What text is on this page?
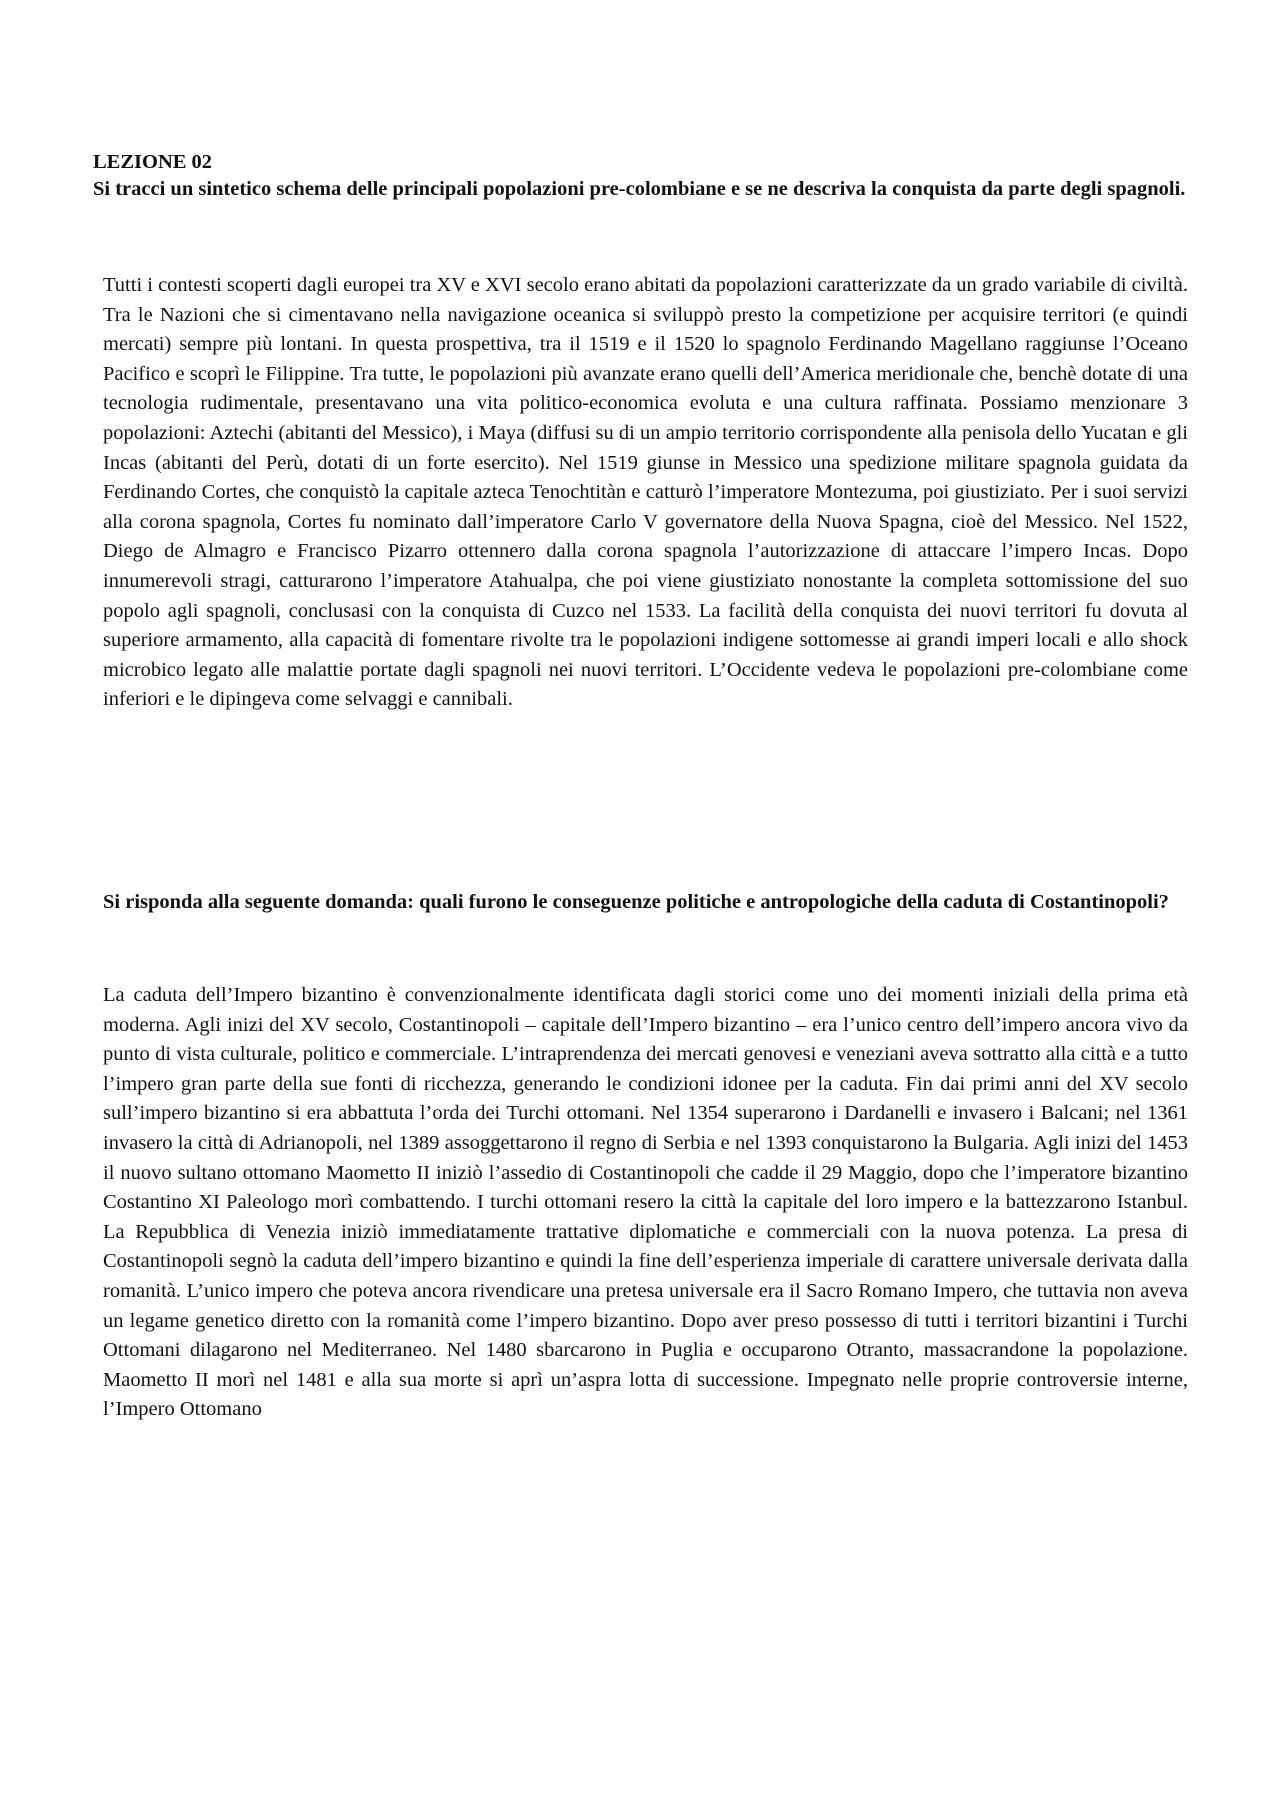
LEZIONE 02

Si tracci un sintetico schema delle principali popolazioni pre-colombiane e se ne descriva la conquista da parte degli spagnoli.

Tutti i contesti scoperti dagli europei tra XV e XVI secolo erano abitati da popolazioni caratterizzate da un grado variabile di civiltà. Tra le Nazioni che si cimentavano nella navigazione oceanica si sviluppò presto la competizione per acquisire territori (e quindi mercati) sempre più lontani. In questa prospettiva, tra il 1519 e il 1520 lo spagnolo Ferdinando Magellano raggiunse l’Oceano Pacifico e scoprì le Filippine. Tra tutte, le popolazioni più avanzate erano quelli dell’America meridionale che, benchè dotate di una tecnologia rudimentale, presentavano una vita politico-economica evoluta e una cultura raffinata. Possiamo menzionare 3 popolazioni: Aztechi (abitanti del Messico), i Maya (diffusi su di un ampio territorio corrispondente alla penisola dello Yucatan e gli Incas (abitanti del Perù, dotati di un forte esercito). Nel 1519 giunse in Messico una spedizione militare spagnola guidata da Ferdinando Cortes, che conquistò la capitale azteca Tenochtitàn e catturò l’imperatore Montezuma, poi giustiziato. Per i suoi servizi alla corona spagnola, Cortes fu nominato dall’imperatore Carlo V governatore della Nuova Spagna, cioè del Messico. Nel 1522, Diego de Almagro e Francisco Pizarro ottennero dalla corona spagnola l’autorizzazione di attaccare l’impero Incas. Dopo innumerevoli stragi, catturarono l’imperatore Atahualpa, che poi viene giustiziato nonostante la completa sottomissione del suo popolo agli spagnoli, conclusasi con la conquista di Cuzco nel 1533. La facilità della conquista dei nuovi territori fu dovuta al superiore armamento, alla capacità di fomentare rivolte tra le popolazioni indigene sottomesse ai grandi imperi locali e allo shock microbico legato alle malattie portate dagli spagnoli nei nuovi territori. L’Occidente vedeva le popolazioni pre-colombiane come inferiori e le dipingeva come selvaggi e cannibali.

Si risponda alla seguente domanda: quali furono le conseguenze politiche e antropologiche della caduta di Costantinopoli?

La caduta dell’Impero bizantino è convenzionalmente identificata dagli storici come uno dei momenti iniziali della prima età moderna. Agli inizi del XV secolo, Costantinopoli – capitale dell’Impero bizantino – era l’unico centro dell’impero ancora vivo da punto di vista culturale, politico e commerciale. L’intraprendenza dei mercati genovesi e veneziani aveva sottratto alla città e a tutto l’impero gran parte della sue fonti di ricchezza, generando le condizioni idonee per la caduta. Fin dai primi anni del XV secolo sull’impero bizantino si era abbattuta l’orda dei Turchi ottomani. Nel 1354 superarono i Dardanelli e invasero i Balcani; nel 1361 invasero la città di Adrianopoli, nel 1389 assoggettarono il regno di Serbia e nel 1393 conquistarono la Bulgaria. Agli inizi del 1453 il nuovo sultano ottomano Maometto II iniziò l’assedio di Costantinopoli che cadde il 29 Maggio, dopo che l’imperatore bizantino Costantino XI Paleologo morì combattendo. I turchi ottomani resero la città la capitale del loro impero e la battezzarono Istanbul. La Repubblica di Venezia iniziò immediatamente trattative diplomatiche e commerciali con la nuova potenza. La presa di Costantinopoli segnò la caduta dell’impero bizantino e quindi la fine dell’esperienza imperiale di carattere universale derivata dalla romanità. L’unico impero che poteva ancora rivendicare una pretesa universale era il Sacro Romano Impero, che tuttavia non aveva un legame genetico diretto con la romanità come l’impero bizantino. Dopo aver preso possesso di tutti i territori bizantini i Turchi Ottomani dilagarono nel Mediterraneo. Nel 1480 sbarcarono in Puglia e occuparono Otranto, massacrandone la popolazione. Maometto II morì nel 1481 e alla sua morte si aprì un’aspra lotta di successione. Impegnato nelle proprie controversie interne, l’Impero Ottomano
